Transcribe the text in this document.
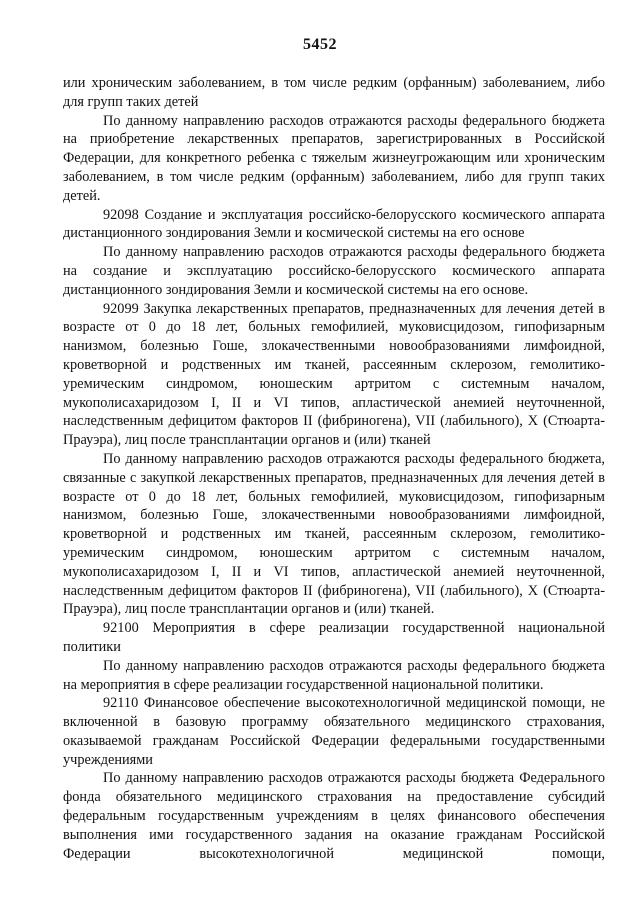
5452

или хроническим заболеванием, в том числе редким (орфанным) заболеванием, либо для групп таких детей

По данному направлению расходов отражаются расходы федерального бюджета на приобретение лекарственных препаратов, зарегистрированных в Российской Федерации, для конкретного ребенка с тяжелым жизнеугрожающим или хроническим заболеванием, в том числе редким (орфанным) заболеванием, либо для групп таких детей.

92098 Создание и эксплуатация российско-белорусского космического аппарата дистанционного зондирования Земли и космической системы на его основе

По данному направлению расходов отражаются расходы федерального бюджета на создание и эксплуатацию российско-белорусского космического аппарата дистанционного зондирования Земли и космической системы на его основе.

92099 Закупка лекарственных препаратов, предназначенных для лечения детей в возрасте от 0 до 18 лет, больных гемофилией, муковисцидозом, гипофизарным нанизмом, болезнью Гоше, злокачественными новообразованиями лимфоидной, кроветворной и родственных им тканей, рассеянным склерозом, гемолитико-уремическим синдромом, юношеским артритом с системным началом, мукополисахаридозом I, II и VI типов, апластической анемией неуточненной, наследственным дефицитом факторов II (фибриногена), VII (лабильного), X (Стюарта-Прауэра), лиц после трансплантации органов и (или) тканей

По данному направлению расходов отражаются расходы федерального бюджета, связанные с закупкой лекарственных препаратов, предназначенных для лечения детей в возрасте от 0 до 18 лет, больных гемофилией, муковисцидозом, гипофизарным нанизмом, болезнью Гоше, злокачественными новообразованиями лимфоидной, кроветворной и родственных им тканей, рассеянным склерозом, гемолитико-уремическим синдромом, юношеским артритом с системным началом, мукополисахаридозом I, II и VI типов, апластической анемией неуточненной, наследственным дефицитом факторов II (фибриногена), VII (лабильного), X (Стюарта-Прауэра), лиц после трансплантации органов и (или) тканей.

92100 Мероприятия в сфере реализации государственной национальной политики

По данному направлению расходов отражаются расходы федерального бюджета на мероприятия в сфере реализации государственной национальной политики.

92110 Финансовое обеспечение высокотехнологичной медицинской помощи, не включенной в базовую программу обязательного медицинского страхования, оказываемой гражданам Российской Федерации федеральными государственными учреждениями

По данному направлению расходов отражаются расходы бюджета Федерального фонда обязательного медицинского страхования на предоставление субсидий федеральным государственным учреждениям в целях финансового обеспечения выполнения ими государственного задания на оказание гражданам Российской Федерации высокотехнологичной медицинской помощи,
